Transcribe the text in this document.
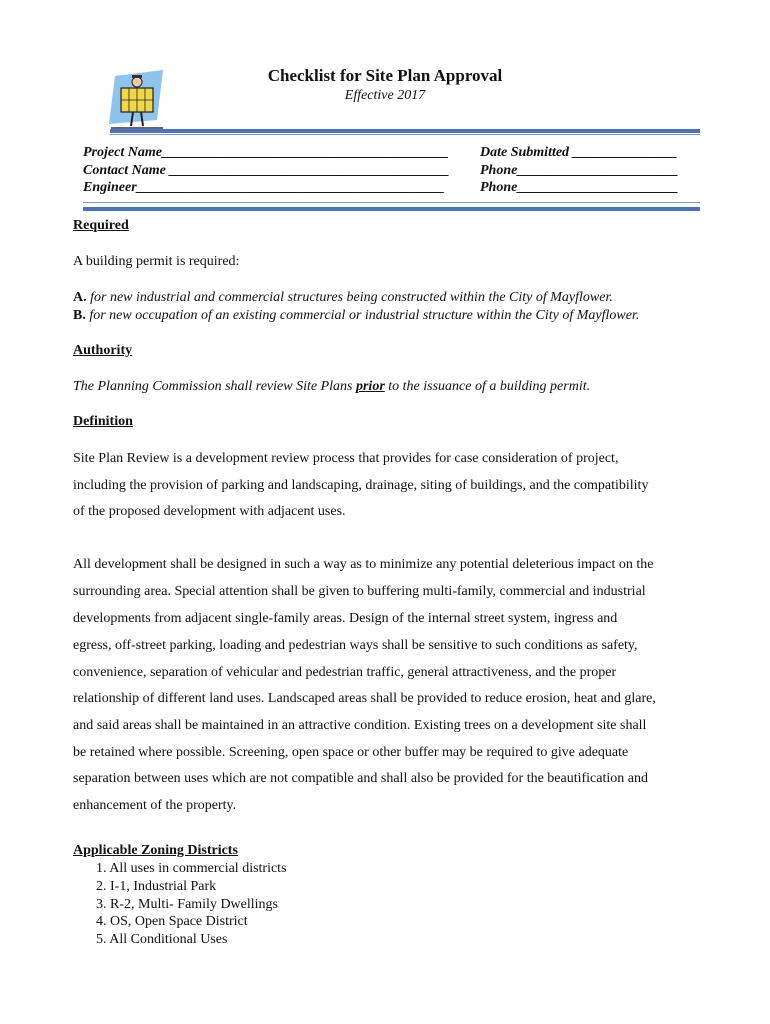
Checklist for Site Plan Approval
Effective 2017
Project Name_________________________________________ Date Submitted _______________
Contact Name ________________________________________ Phone_______________________
Engineer____________________________________________	Phone_______________________
Required
A building permit is required:
A. for new industrial and commercial structures being constructed within the City of Mayflower.
B. for new occupation of an existing commercial or industrial structure within the City of Mayflower.
Authority
The Planning Commission shall review Site Plans prior to the issuance of a building permit.
Definition
Site Plan Review is a development review process that provides for case consideration of project,
including the provision of parking and landscaping, drainage, siting of buildings, and the compatibility
of the proposed development with adjacent uses.
All development shall be designed in such a way as to minimize any potential deleterious impact on the
surrounding area. Special attention shall be given to buffering multi-family, commercial and industrial
developments from adjacent single-family areas. Design of the internal street system, ingress and
egress, off-street parking, loading and pedestrian ways shall be sensitive to such conditions as safety,
convenience, separation of vehicular and pedestrian traffic, general attractiveness, and the proper
relationship of different land uses. Landscaped areas shall be provided to reduce erosion, heat and glare,
and said areas shall be maintained in an attractive condition. Existing trees on a development site shall
be retained where possible. Screening, open space or other buffer may be required to give adequate
separation between uses which are not compatible and shall also be provided for the beautification and
enhancement of the property.
Applicable Zoning Districts
1. All uses in commercial districts
2. I-1, Industrial Park
3. R-2, Multi- Family Dwellings
4. OS, Open Space District
5. All Conditional Uses
